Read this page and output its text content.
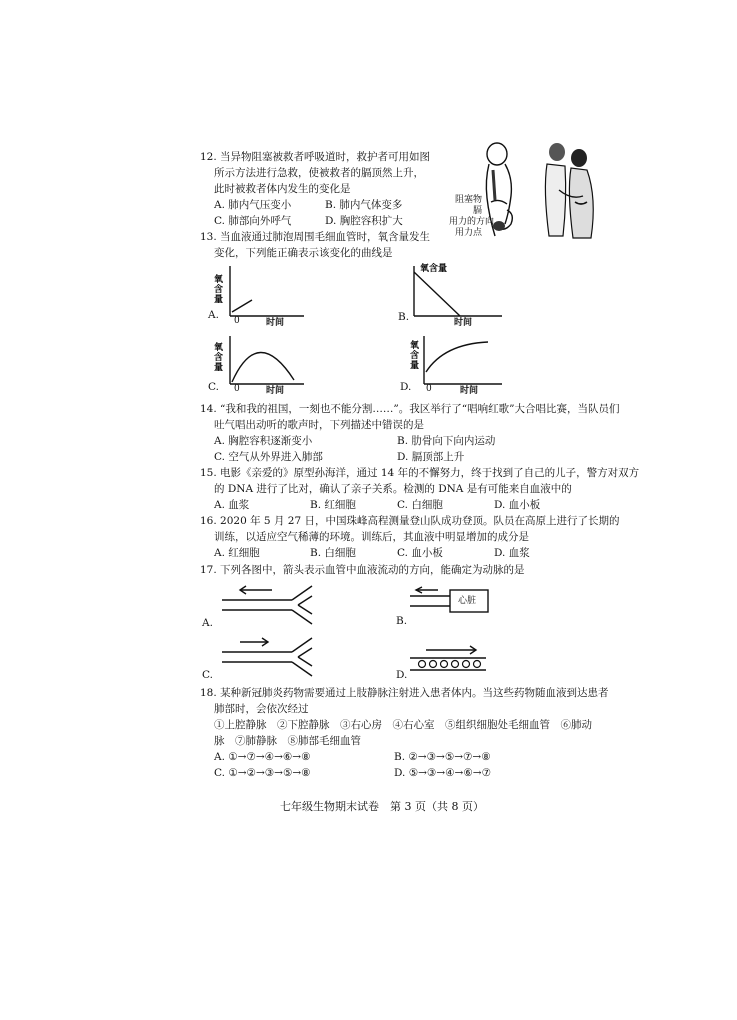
12. 当异物阻塞被救者呼吸道时，救护者可用如图
所示方法进行急救，使被救者的膈顶然上升，
此时被救者体内发生的变化是
A. 肺内气压变小	B. 肺内气体变多
C. 肺部向外呼气	D. 胸腔容积扩大
阻塞物
膈
用力的方向
用力点
13. 当血液通过肺泡周围毛细血管时，氧含量发生
变化，下列能正确表示该变化的曲线是
氧
含
量
A. 0	时间
氧含量
B.	时间
氧
含
量
C. 0	时间
氧
含
量
D. 0	时间
14. “我和我的祖国，一刻也不能分割……”。我区举行了“唱响红歌”大合唱比赛，当队员们
吐气唱出动听的歌声时，下列描述中错误的是
A. 胸腔容积逐渐变小	B. 肋骨向下向内运动
C. 空气从外界进入肺部	D. 膈顶部上升
15. 电影《亲爱的》原型孙海洋，通过 14 年的不懈努力，终于找到了自己的儿子，警方对双方
的 DNA 进行了比对，确认了亲子关系。检测的 DNA 是有可能来自血液中的
A. 血浆	B. 红细胞	C. 白细胞	D. 血小板
16. 2020 年 5 月 27 日，中国珠峰高程测量登山队成功登顶。队员在高原上进行了长期的
训练，以适应空气稀薄的环境。训练后，其血液中明显增加的成分是
A. 红细胞	B. 白细胞	C. 血小板	D. 血浆
17. 下列各图中，箭头表示血管中血液流动的方向，能确定为动脉的是
A.
心脏
B.
C.	D.
18. 某种新冠肺炎药物需要通过上肢静脉注射进入患者体内。当这些药物随血液到达患者
肺部时，会依次经过
①上腔静脉　②下腔静脉　③右心房　④右心室　⑤组织细胞处毛细血管　⑥肺动
脉　⑦肺静脉　⑧肺部毛细血管
A. ①→⑦→④→⑥→⑧	B. ②→③→⑤→⑦→⑧
C. ①→②→③→⑤→⑧	D. ⑤→③→④→⑥→⑦
七年级生物期末试卷　第 3 页（共 8 页）
